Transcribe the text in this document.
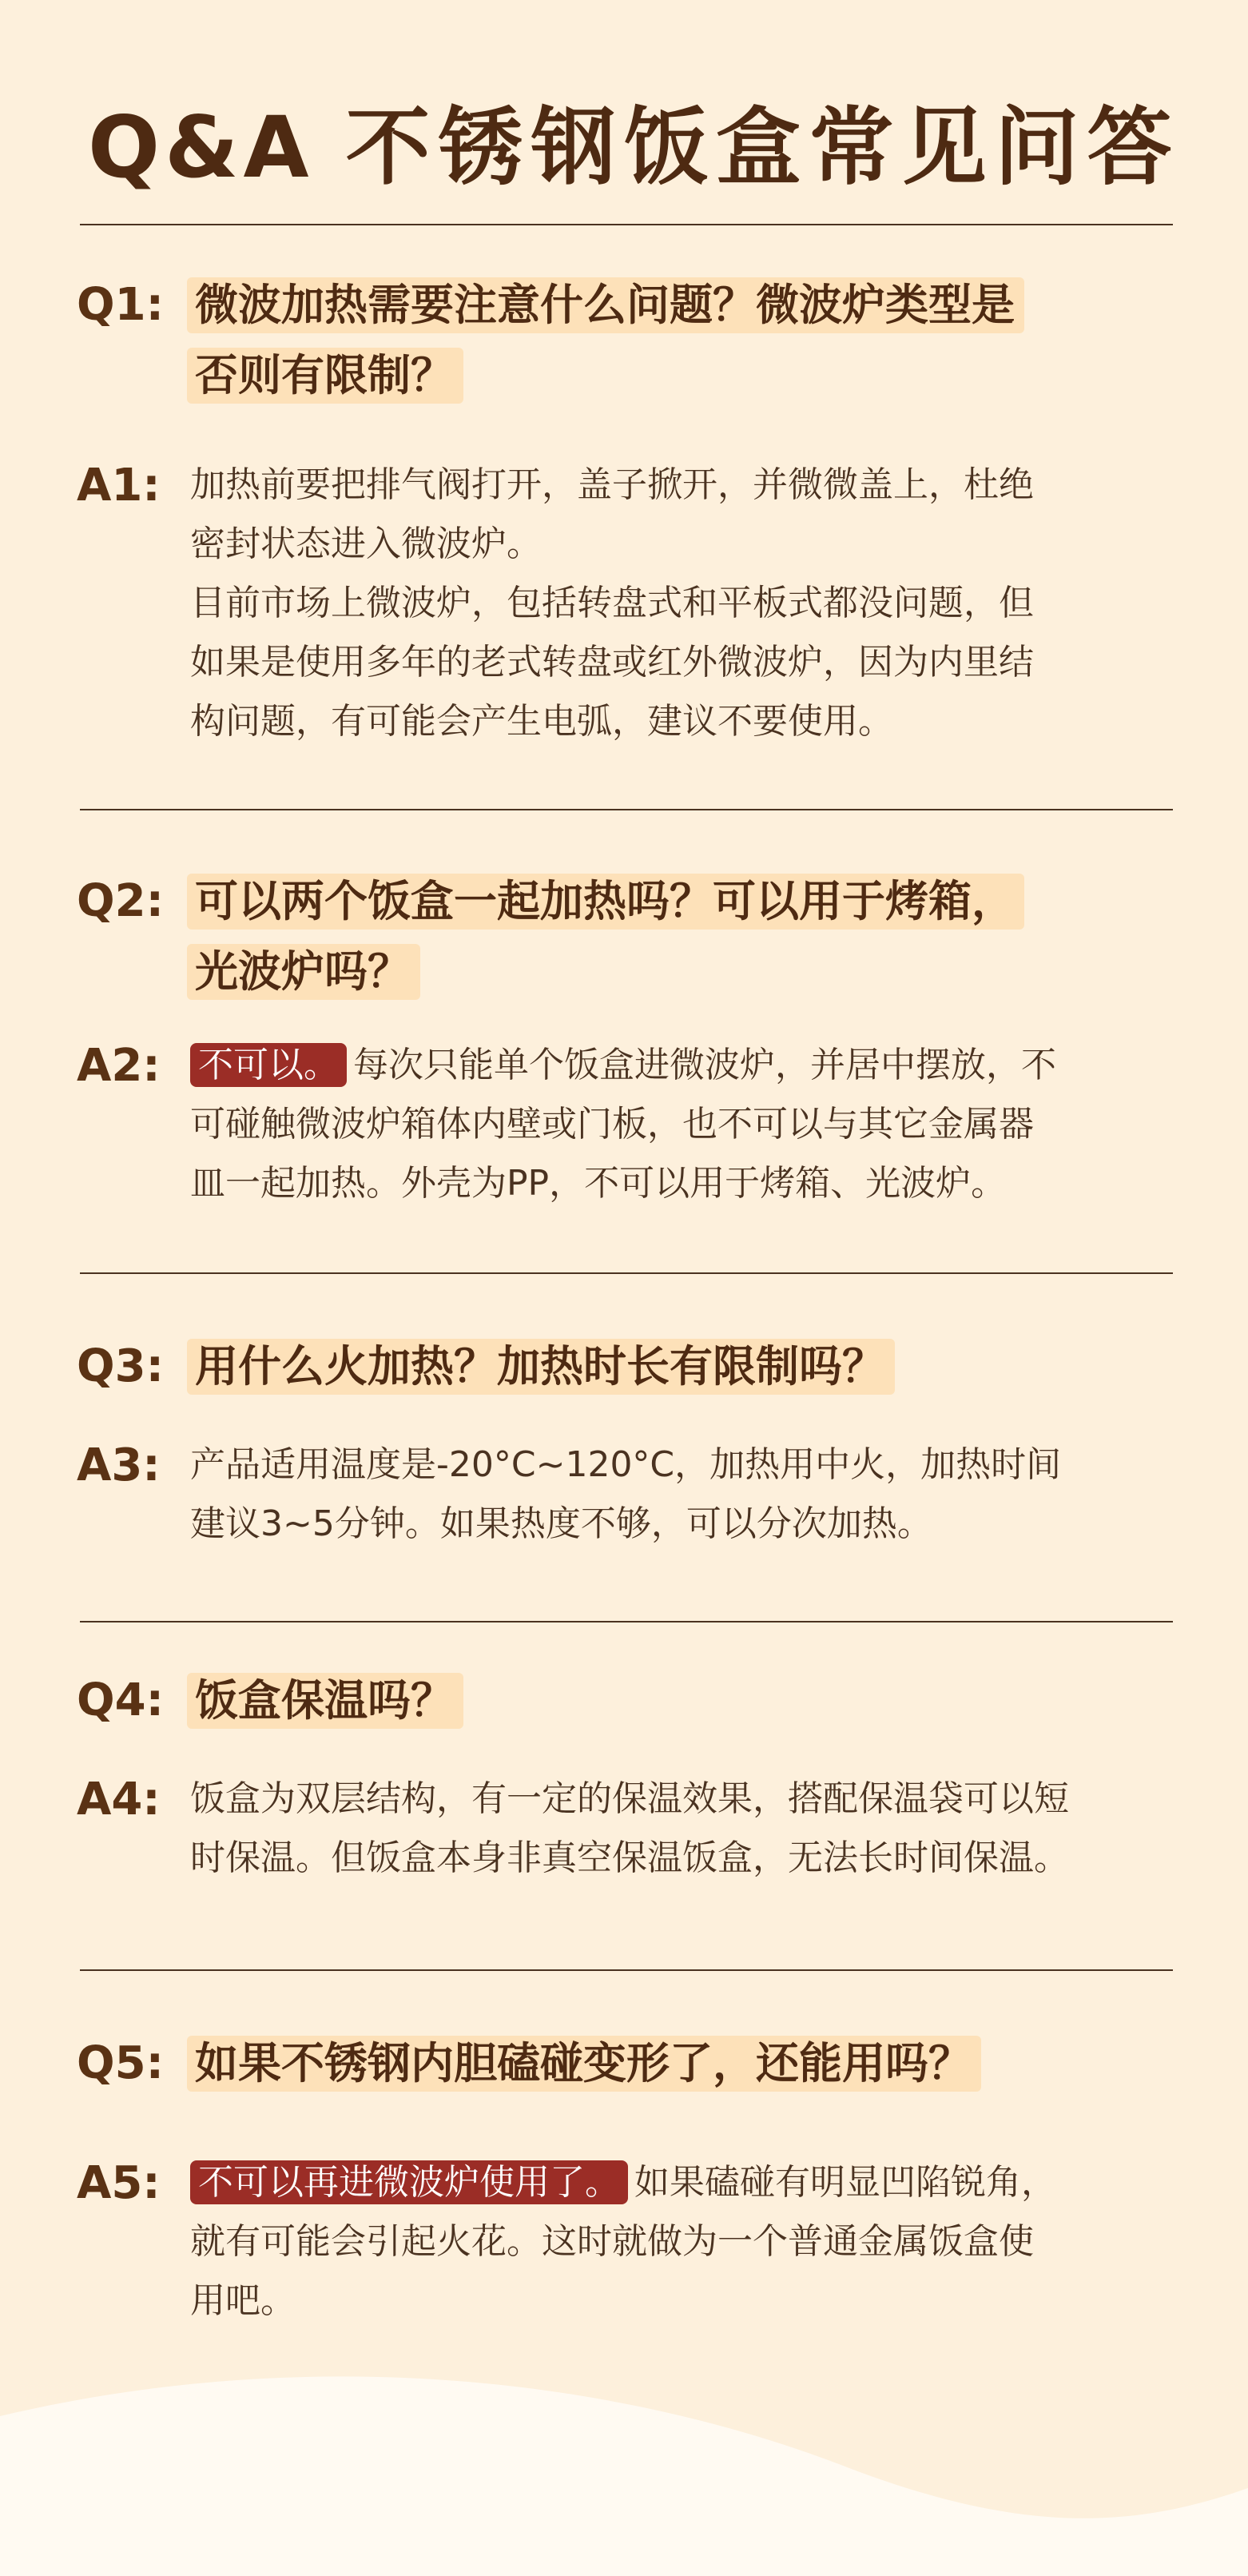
Q&A 不锈钢饭盒常见问答
Q1: 微波加热需要注意什么问题？微波炉类型是
否则有限制？
A1: 加热前要把排气阀打开，盖子掀开，并微微盖上，杜绝
密封状态进入微波炉。
目前市场上微波炉，包括转盘式和平板式都没问题，但
如果是使用多年的老式转盘或红外微波炉，因为内里结
构问题，有可能会产生电弧，建议不要使用。
Q2: 可以两个饭盒一起加热吗？可以用于烤箱，
光波炉吗？
A2: 不可以。 每次只能单个饭盒进微波炉，并居中摆放，不
可碰触微波炉箱体内壁或门板，也不可以与其它金属器
皿一起加热。外壳为PP，不可以用于烤箱、光波炉。
Q3: 用什么火加热？加热时长有限制吗？
A3: 产品适用温度是-20°C~120°C，加热用中火，加热时间
建议3~5分钟。如果热度不够，可以分次加热。
Q4: 饭盒保温吗？
A4: 饭盒为双层结构，有一定的保温效果，搭配保温袋可以短
时保温。但饭盒本身非真空保温饭盒，无法长时间保温。
Q5: 如果不锈钢内胆磕碰变形了，还能用吗？
A5: 不可以再进微波炉使用了。 如果磕碰有明显凹陷锐角，
就有可能会引起火花。这时就做为一个普通金属饭盒使
用吧。
